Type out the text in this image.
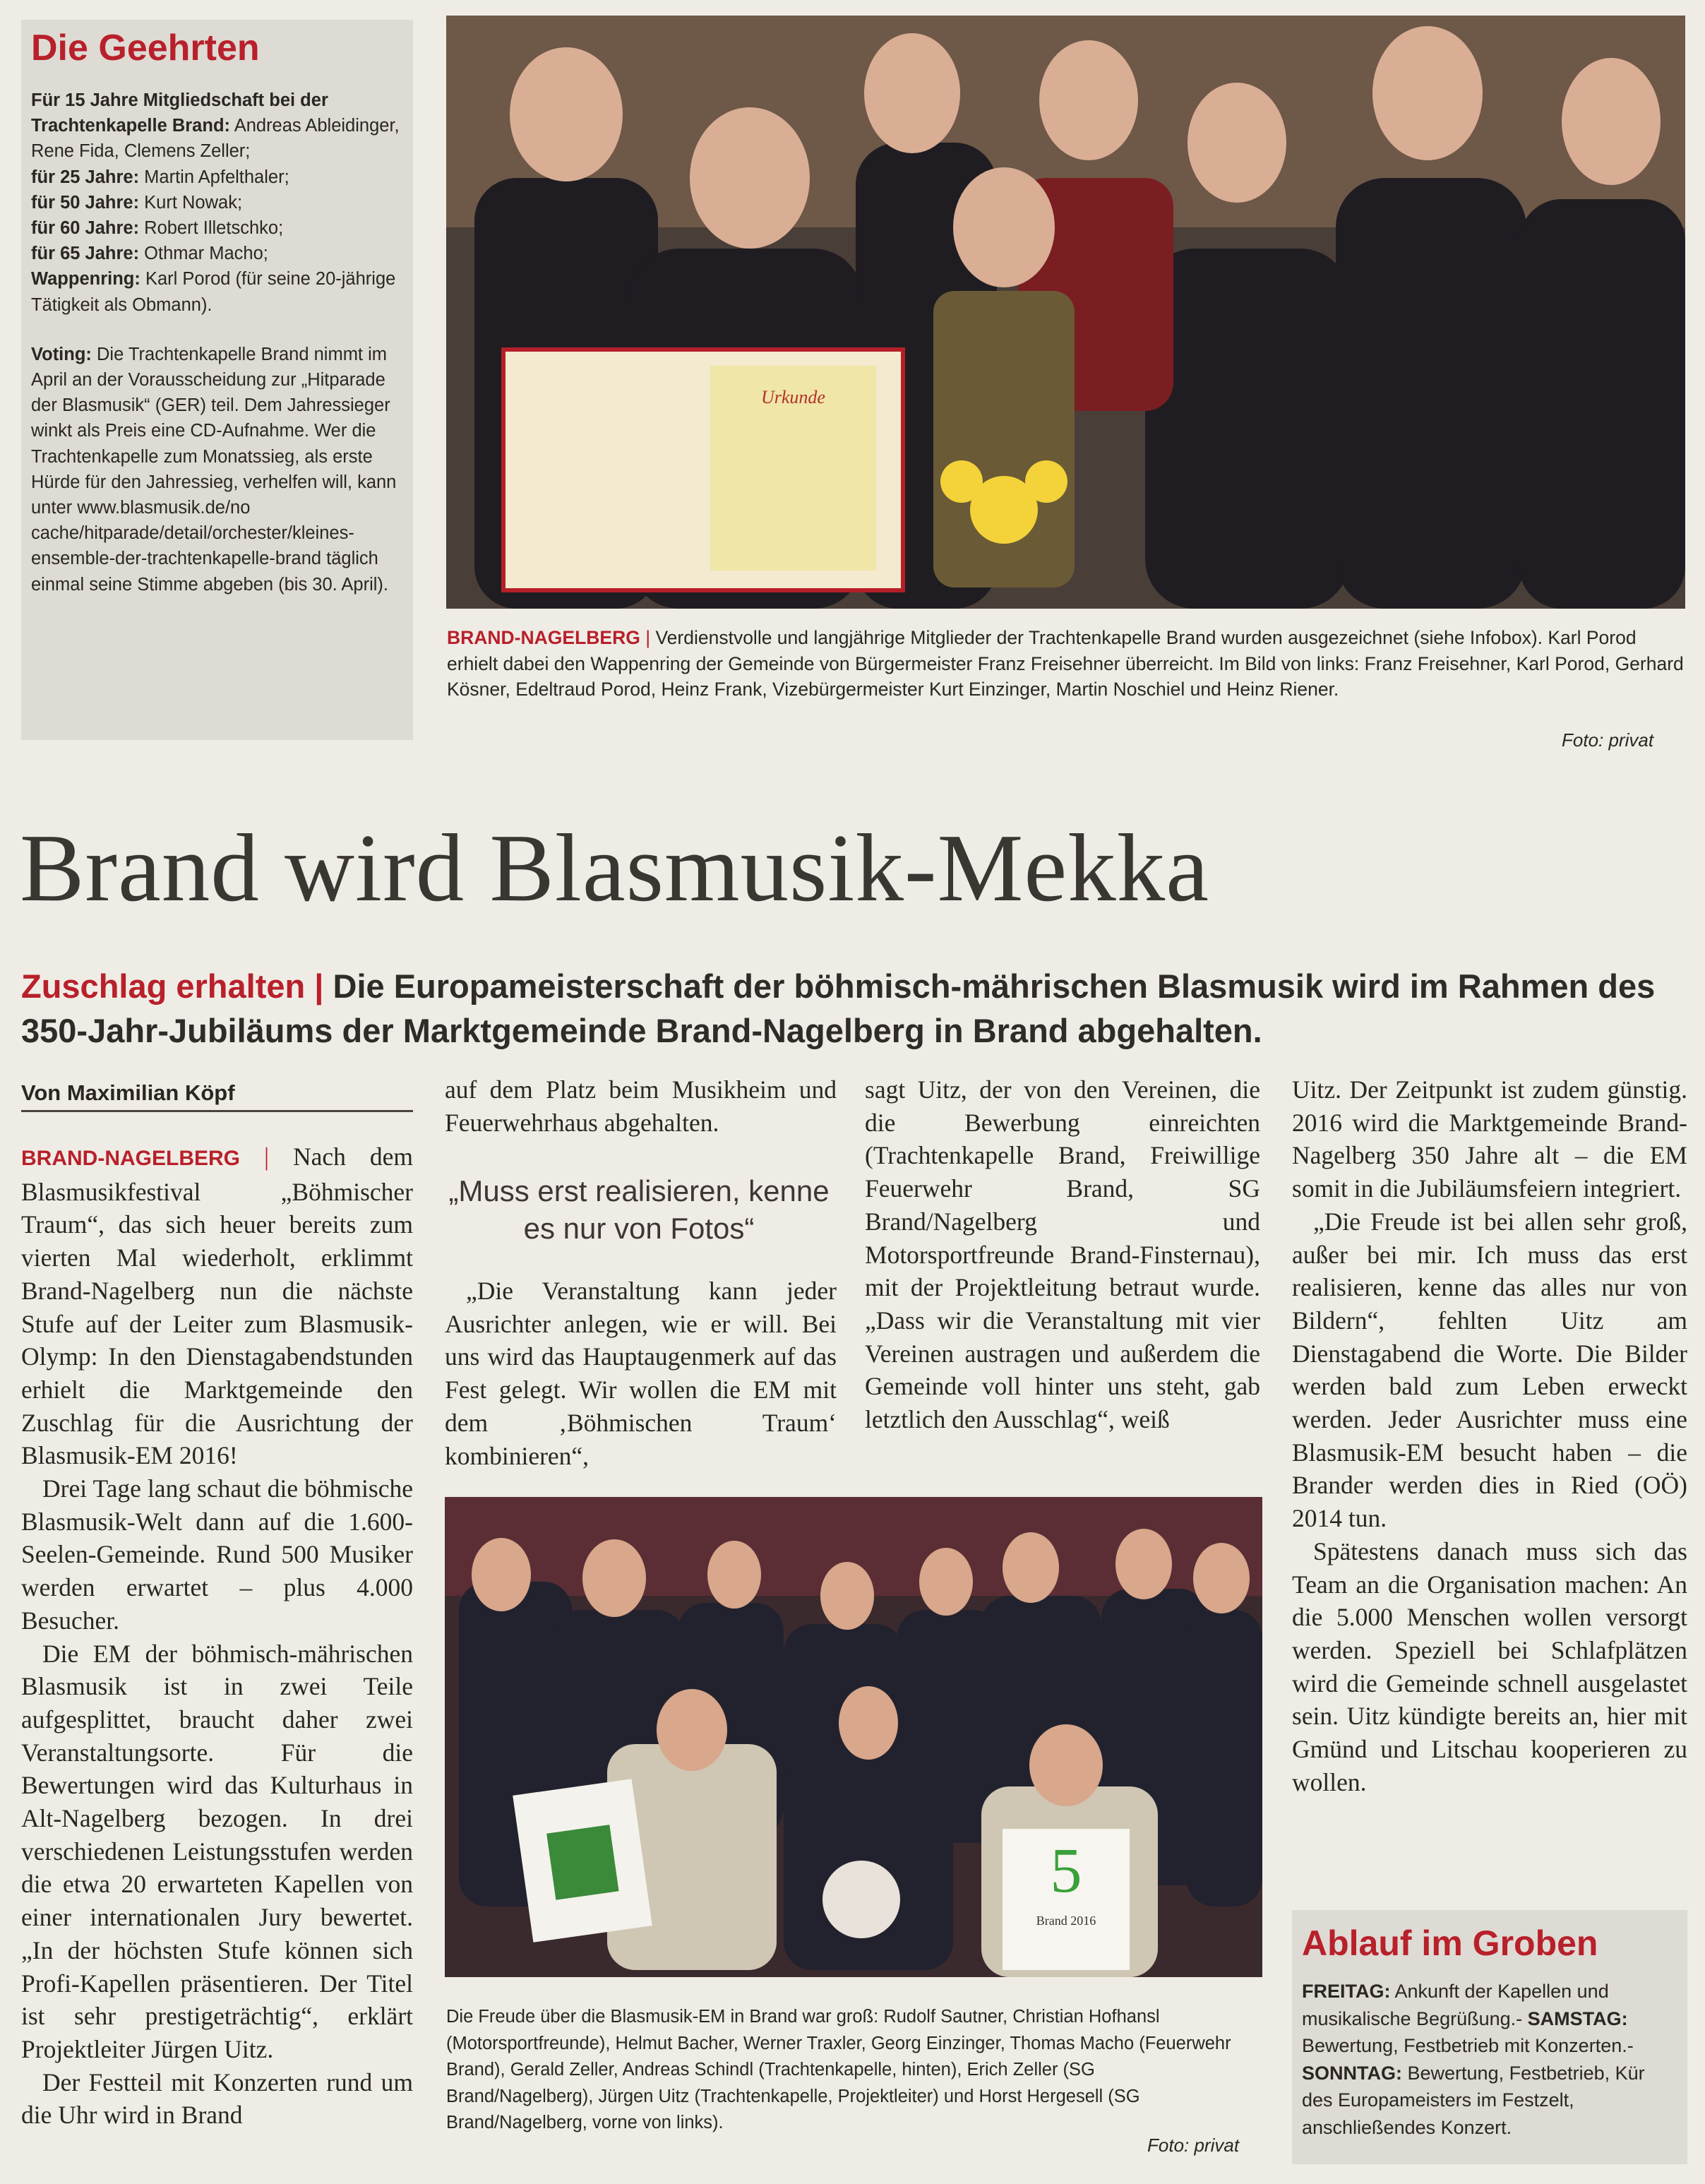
Die Geehrten

Für 15 Jahre Mitgliedschaft bei der Trachtenkapelle Brand: Andreas Ableidinger, Rene Fida, Clemens Zeller;
für 25 Jahre: Martin Apfelthaler;
für 50 Jahre: Kurt Nowak;
für 60 Jahre: Robert Illetschko;
für 65 Jahre: Othmar Macho;
Wappenring: Karl Porod (für seine 20-jährige Tätigkeit als Obmann).

Voting: Die Trachtenkapelle Brand nimmt im April an der Vorausscheidung zur „Hitparade der Blasmusik“ (GER) teil. Dem Jahressieger winkt als Preis eine CD-Aufnahme. Wer die Trachtenkapelle zum Monatssieg, als erste Hürde für den Jahressieg, verhelfen will, kann unter www.blasmusik.de/no cache/hitparade/detail/orchester/kleines-ensemble-der-trachtenkapelle-brand täglich einmal seine Stimme abgeben (bis 30. April).

Urkunde
BRAND-NAGELBERG | Verdienstvolle und langjährige Mitglieder der Trachtenkapelle Brand wurden ausgezeichnet (siehe Infobox). Karl Porod erhielt dabei den Wappenring der Gemeinde von Bürgermeister Franz Freisehner überreicht. Im Bild von links: Franz Freisehner, Karl Porod, Gerhard Kösner, Edeltraud Porod, Heinz Frank, Vizebürgermeister Kurt Einzinger, Martin Noschiel und Heinz Riener.
Foto: privat
Brand wird Blasmusik-Mekka
Zuschlag erhalten | Die Europameisterschaft der böhmisch-mährischen Blasmusik wird im Rahmen des 350-Jahr-Jubiläums der Marktgemeinde Brand-Nagelberg in Brand abgehalten.
Von Maximilian Köpf

BRAND-NAGELBERG | Nach dem Blasmusikfestival „Böhmischer Traum“, das sich heuer bereits zum vierten Mal wiederholt, erklimmt Brand-Nagelberg nun die nächste Stufe auf der Leiter zum Blasmusik-Olymp: In den Dienstagabendstunden erhielt die Marktgemeinde den Zuschlag für die Ausrichtung der Blasmusik-EM 2016!

Drei Tage lang schaut die böhmische Blasmusik-Welt dann auf die 1.600-Seelen-Gemeinde. Rund 500 Musiker werden erwartet – plus 4.000 Besucher.

Die EM der böhmisch-mährischen Blasmusik ist in zwei Teile aufgesplittet, braucht daher zwei Veranstaltungsorte. Für die Bewertungen wird das Kulturhaus in Alt-Nagelberg bezogen. In drei verschiedenen Leistungsstufen werden die etwa 20 erwarteten Kapellen von einer internationalen Jury bewertet. „In der höchsten Stufe können sich Profi-Kapellen präsentieren. Der Titel ist sehr prestigeträchtig“, erklärt Projektleiter Jürgen Uitz.

Der Festteil mit Konzerten rund um die Uhr wird in Brand

auf dem Platz beim Musikheim und Feuerwehrhaus abgehalten.

„Muss erst realisieren, kenne es nur von Fotos“

„Die Veranstaltung kann jeder Ausrichter anlegen, wie er will. Bei uns wird das Hauptaugenmerk auf das Fest gelegt. Wir wollen die EM mit dem ‚Böhmischen Traum‘ kombinieren“,

sagt Uitz, der von den Vereinen, die die Bewerbung einreichten (Trachtenkapelle Brand, Freiwillige Feuerwehr Brand, SG Brand/Nagelberg und Motorsportfreunde Brand-Finsternau), mit der Projektleitung betraut wurde. „Dass wir die Veranstaltung mit vier Vereinen austragen und außerdem die Gemeinde voll hinter uns steht, gab letztlich den Ausschlag“, weiß

Uitz. Der Zeitpunkt ist zudem günstig. 2016 wird die Marktgemeinde Brand-Nagelberg 350 Jahre alt – die EM somit in die Jubiläumsfeiern integriert.

„Die Freude ist bei allen sehr groß, außer bei mir. Ich muss das erst realisieren, kenne das alles nur von Bildern“, fehlten Uitz am Dienstagabend die Worte. Die Bilder werden bald zum Leben erweckt werden. Jeder Ausrichter muss eine Blasmusik-EM besucht haben – die Brander werden dies in Ried (OÖ) 2014 tun.

Spätestens danach muss sich das Team an die Organisation machen: An die 5.000 Menschen wollen versorgt werden. Speziell bei Schlafplätzen wird die Gemeinde schnell ausgelastet sein. Uitz kündigte bereits an, hier mit Gmünd und Litschau kooperieren zu wollen.

5
Brand 2016
Die Freude über die Blasmusik-EM in Brand war groß: Rudolf Sautner, Christian Hofhansl (Motorsportfreunde), Helmut Bacher, Werner Traxler, Georg Einzinger, Thomas Macho (Feuerwehr Brand), Gerald Zeller, Andreas Schindl (Trachtenkapelle, hinten), Erich Zeller (SG Brand/Nagelberg), Jürgen Uitz (Trachtenkapelle, Projektleiter) und Horst Hergesell (SG Brand/Nagelberg, vorne von links).
Foto: privat
Ablauf im Groben
FREITAG: Ankunft der Kapellen und musikalische Begrüßung.- SAMSTAG: Bewertung, Festbetrieb mit Konzerten.- SONNTAG: Bewertung, Festbetrieb, Kür des Europameisters im Festzelt, anschließendes Konzert.
